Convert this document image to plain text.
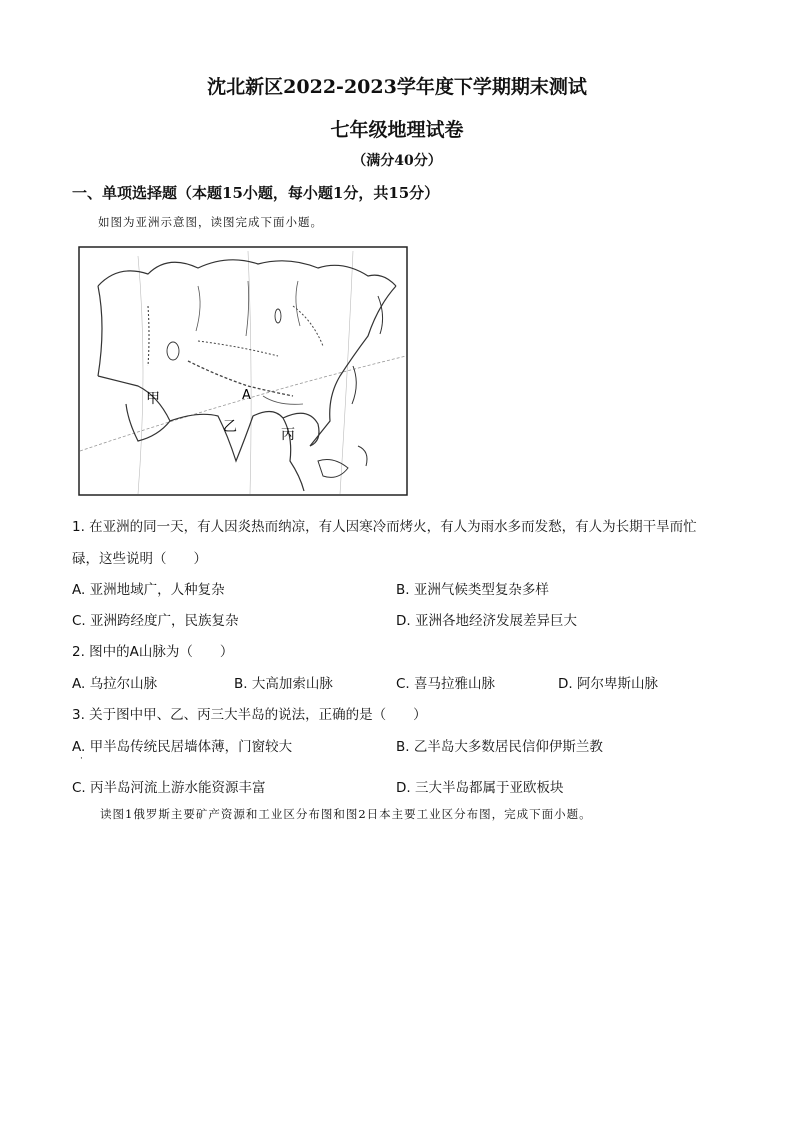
沈北新区2022-2023学年度下学期期末测试
七年级地理试卷
（满分40分）
一、单项选择题（本题15小题，每小题1分，共15分）
如图为亚洲示意图，读图完成下面小题。
甲
乙	丙
A
1. 在亚洲的同一天，有人因炎热而纳凉，有人因寒冷而烤火，有人为雨水多而发愁，有人为长期干旱而忙
碌，这些说明（　　）
A. 亚洲地域广，人种复杂	B. 亚洲气候类型复杂多样
C. 亚洲跨经度广，民族复杂	D. 亚洲各地经济发展差异巨大
2. 图中的A山脉为（　　）
A. 乌拉尔山脉	B. 大高加索山脉	C. 喜马拉雅山脉	D. 阿尔卑斯山脉
3. 关于图中甲、乙、丙三大半岛的说法，正确的是（　　）
A. 甲半岛传统民居墙体薄，门窗较大	B. 乙半岛大多数居民信仰伊斯兰教
·
C. 丙半岛河流上游水能资源丰富	D. 三大半岛都属于亚欧板块
读图1俄罗斯主要矿产资源和工业区分布图和图2日本主要工业区分布图，完成下面小题。
